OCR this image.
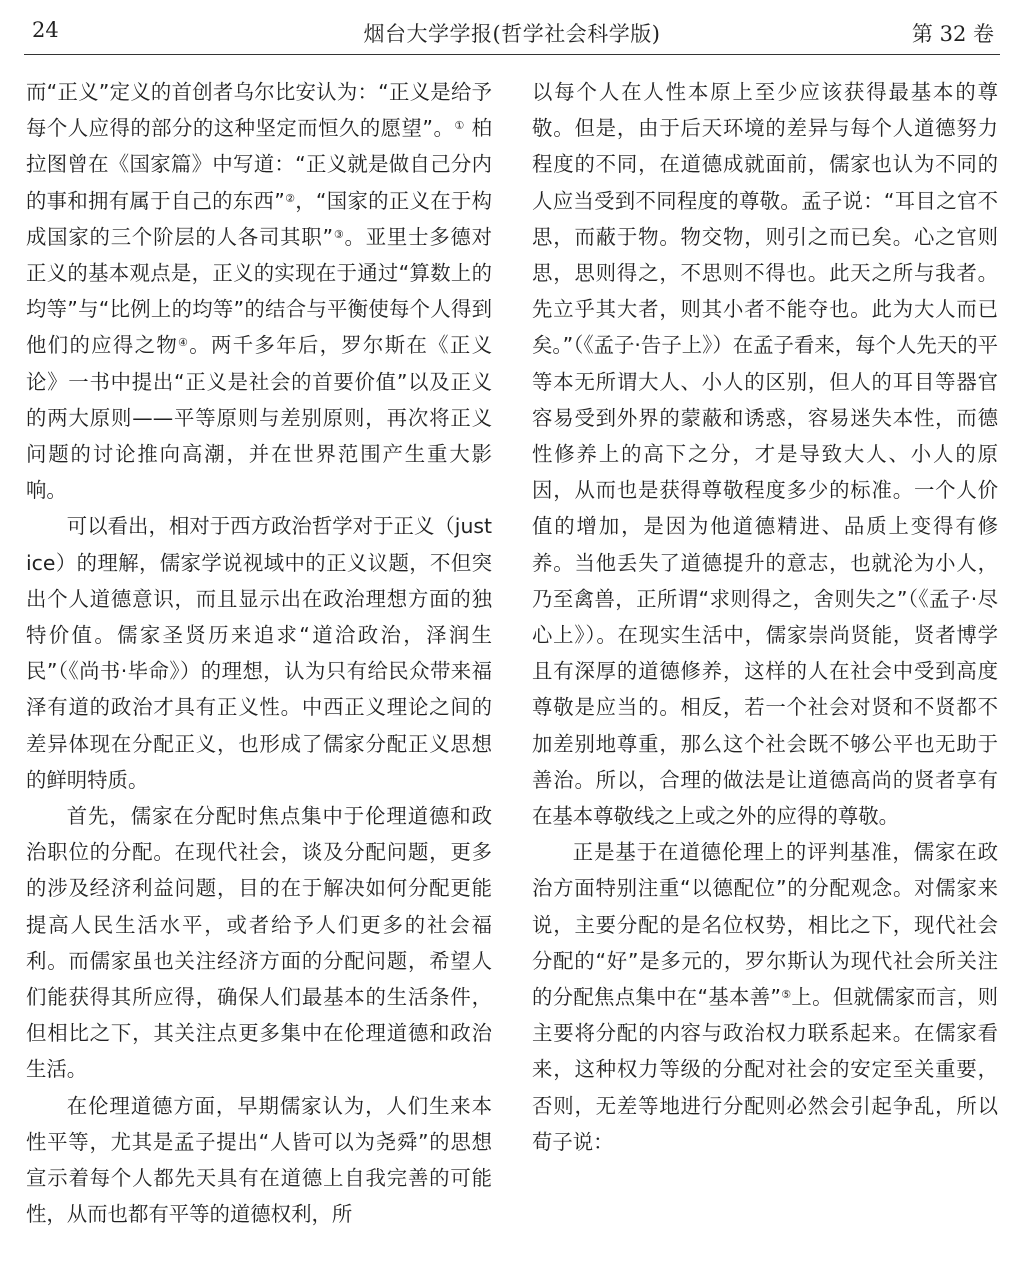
24	烟台大学学报(哲学社会科学版)	第 32 卷

而“正义”定义的首创者乌尔比安认为：“正义是给予每个人应得的部分的这种坚定而恒久的愿望”。① 柏拉图曾在《国家篇》中写道：“正义就是做自己分内的事和拥有属于自己的东西”②，“国家的正义在于构成国家的三个阶层的人各司其职”③。亚里士多德对正义的基本观点是，正义的实现在于通过“算数上的均等”与“比例上的均等”的结合与平衡使每个人得到他们的应得之物④。两千多年后，罗尔斯在《正义论》一书中提出“正义是社会的首要价值”以及正义的两大原则——平等原则与差别原则，再次将正义问题的讨论推向高潮，并在世界范围产生重大影响。

可以看出，相对于西方政治哲学对于正义（justice）的理解，儒家学说视域中的正义议题，不但突出个人道德意识，而且显示出在政治理想方面的独特价值。儒家圣贤历来追求“道洽政治，泽润生民”（《尚书·毕命》）的理想，认为只有给民众带来福泽有道的政治才具有正义性。中西正义理论之间的差异体现在分配正义，也形成了儒家分配正义思想的鲜明特质。

首先，儒家在分配时焦点集中于伦理道德和政治职位的分配。在现代社会，谈及分配问题，更多的涉及经济利益问题，目的在于解决如何分配更能提高人民生活水平，或者给予人们更多的社会福利。而儒家虽也关注经济方面的分配问题，希望人们能获得其所应得，确保人们最基本的生活条件，但相比之下，其关注点更多集中在伦理道德和政治生活。

在伦理道德方面，早期儒家认为，人们生来本性平等，尤其是孟子提出“人皆可以为尧舜”的思想宣示着每个人都先天具有在道德上自我完善的可能性，从而也都有平等的道德权利，所

以每个人在人性本原上至少应该获得最基本的尊敬。但是，由于后天环境的差异与每个人道德努力程度的不同，在道德成就面前，儒家也认为不同的人应当受到不同程度的尊敬。孟子说：“耳目之官不思，而蔽于物。物交物，则引之而已矣。心之官则思，思则得之，不思则不得也。此天之所与我者。先立乎其大者，则其小者不能夺也。此为大人而已矣。”（《孟子·告子上》）在孟子看来，每个人先天的平等本无所谓大人、小人的区别，但人的耳目等器官容易受到外界的蒙蔽和诱惑，容易迷失本性，而德性修养上的高下之分，才是导致大人、小人的原因，从而也是获得尊敬程度多少的标准。一个人价值的增加，是因为他道德精进、品质上变得有修养。当他丢失了道德提升的意志，也就沦为小人，乃至禽兽，正所谓“求则得之，舍则失之”（《孟子·尽心上》）。在现实生活中，儒家崇尚贤能，贤者博学且有深厚的道德修养，这样的人在社会中受到高度尊敬是应当的。相反，若一个社会对贤和不贤都不加差别地尊重，那么这个社会既不够公平也无助于善治。所以，合理的做法是让道德高尚的贤者享有在基本尊敬线之上或之外的应得的尊敬。

正是基于在道德伦理上的评判基准，儒家在政治方面特别注重“以德配位”的分配观念。对儒家来说，主要分配的是名位权势，相比之下，现代社会分配的“好”是多元的，罗尔斯认为现代社会所关注的分配焦点集中在“基本善”⑤上。但就儒家而言，则主要将分配的内容与政治权力联系起来。在儒家看来，这种权力等级的分配对社会的安定至关重要，否则，无差等地进行分配则必然会引起争乱，所以荀子说：
